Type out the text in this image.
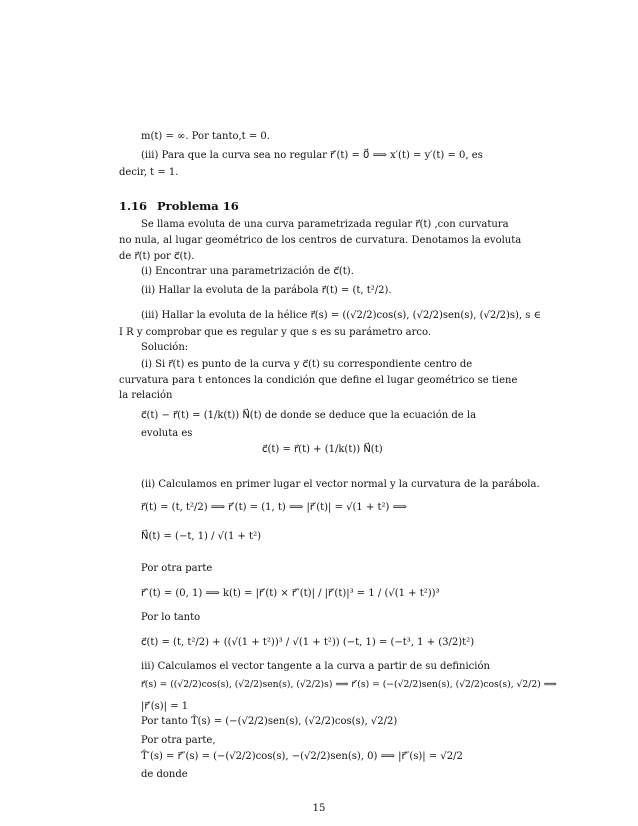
m(t) = ∞. Por tanto,t = 0.
(iii) Para que la curva sea no regular r⃗′(t) = 0⃗ ⟹ x′(t) = y′(t) = 0, es
decir, t = 1.
1.16 Problema 16
Se llama evoluta de una curva parametrizada regular r⃗(t) ,con curvatura
no nula, al lugar geométrico de los centros de curvatura. Denotamos la evoluta
de r⃗(t) por c⃗(t).
(i) Encontrar una parametrización de c⃗(t).
(ii) Hallar la evoluta de la parábola r⃗(t) = (t, t²/2).
(iii) Hallar la evoluta de la hélice r⃗(s) = ((√2/2)cos(s), (√2/2)sen(s), (√2/2)s), s ∈
I R y comprobar que es regular y que s es su parámetro arco.
Solución:
(i) Si r⃗(t) es punto de la curva y c⃗(t) su correspondiente centro de
curvatura para t entonces la condición que define el lugar geométrico se tiene
la relación
c⃗(t) − r⃗(t) = (1/k(t)) N⃗(t) de donde se deduce que la ecuación de la
evoluta es
c⃗(t) = r⃗(t) + (1/k(t)) N⃗(t)
(ii) Calculamos en primer lugar el vector normal y la curvatura de la parábola.
r⃗(t) = (t, t²/2) ⟹ r⃗′(t) = (1, t) ⟹ |r⃗′(t)| = √(1 + t²) ⟹
N⃗(t) = (−t, 1) / √(1 + t²)
Por otra parte
r⃗″(t) = (0, 1) ⟹ k(t) = |r⃗′(t) × r⃗″(t)| / |r⃗′(t)|³ = 1 / (√(1 + t²))³
Por lo tanto
c⃗(t) = (t, t²/2) + ((√(1 + t²))³ / √(1 + t²)) (−t, 1) = (−t³, 1 + (3/2)t²)
iii) Calculamos el vector tangente a la curva a partir de su definición
r⃗(s) = ((√2/2)cos(s), (√2/2)sen(s), (√2/2)s) ⟹ r⃗′(s) = (−(√2/2)sen(s), (√2/2)cos(s), √2/2) ⟹
|r⃗′(s)| = 1
Por tanto T̂(s) = (−(√2/2)sen(s), (√2/2)cos(s), √2/2)
Por otra parte,
T̂′(s) = r⃗″(s) = (−(√2/2)cos(s), −(√2/2)sen(s), 0) ⟹ |r⃗″(s)| = √2/2
de donde
15
